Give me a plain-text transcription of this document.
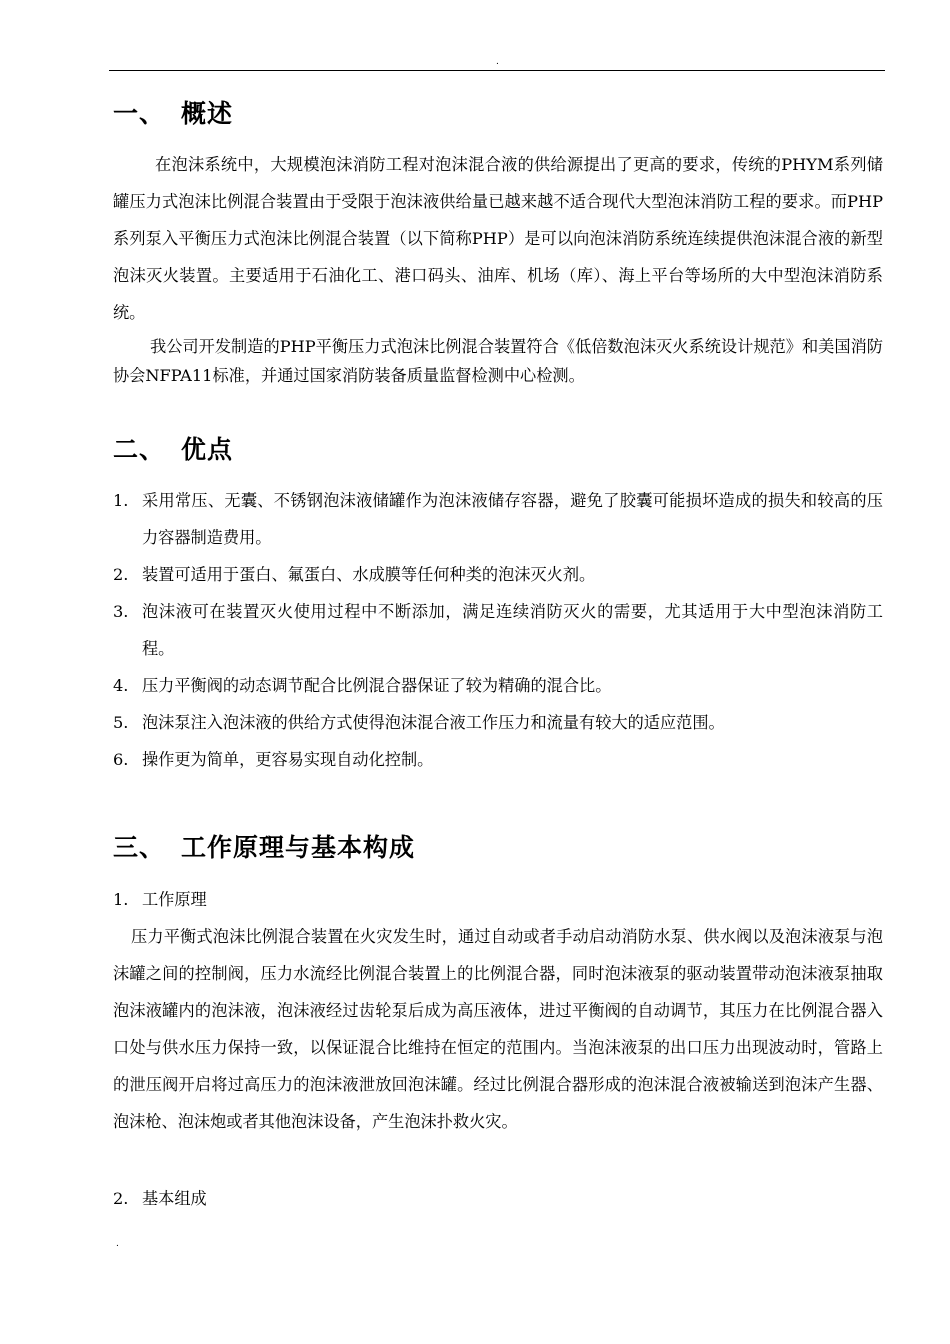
.
一、 概述

在泡沫系统中，大规模泡沫消防工程对泡沫混合液的供给源提出了更高的要求，传统的PHYM系列储罐压力式泡沫比例混合装置由于受限于泡沫液供给量已越来越不适合现代大型泡沫消防工程的要求。而PHP系列泵入平衡压力式泡沫比例混合装置（以下简称PHP）是可以向泡沫消防系统连续提供泡沫混合液的新型泡沫灭火装置。主要适用于石油化工、港口码头、油库、机场（库）、海上平台等场所的大中型泡沫消防系统。

我公司开发制造的PHP平衡压力式泡沫比例混合装置符合《低倍数泡沫灭火系统设计规范》和美国消防协会NFPA11标准，并通过国家消防装备质量监督检测中心检测。

二、 优点
1. 采用常压、无囊、不锈钢泡沫液储罐作为泡沫液储存容器，避免了胶囊可能损坏造成的损失和较高的压力容器制造费用。
2. 装置可适用于蛋白、氟蛋白、水成膜等任何种类的泡沫灭火剂。
3. 泡沫液可在装置灭火使用过程中不断添加，满足连续消防灭火的需要，尤其适用于大中型泡沫消防工程。
4. 压力平衡阀的动态调节配合比例混合器保证了较为精确的混合比。
5. 泡沫泵注入泡沫液的供给方式使得泡沫混合液工作压力和流量有较大的适应范围。
6. 操作更为简单，更容易实现自动化控制。
三、 工作原理与基本构成
1. 工作原理

压力平衡式泡沫比例混合装置在火灾发生时，通过自动或者手动启动消防水泵、供水阀以及泡沫液泵与泡沫罐之间的控制阀，压力水流经比例混合装置上的比例混合器，同时泡沫液泵的驱动装置带动泡沫液泵抽取泡沫液罐内的泡沫液，泡沫液经过齿轮泵后成为高压液体，进过平衡阀的自动调节，其压力在比例混合器入口处与供水压力保持一致，以保证混合比维持在恒定的范围内。当泡沫液泵的出口压力出现波动时，管路上的泄压阀开启将过高压力的泡沫液泄放回泡沫罐。经过比例混合器形成的泡沫混合液被输送到泡沫产生器、泡沫枪、泡沫炮或者其他泡沫设备，产生泡沫扑救火灾。

2. 基本组成
.
